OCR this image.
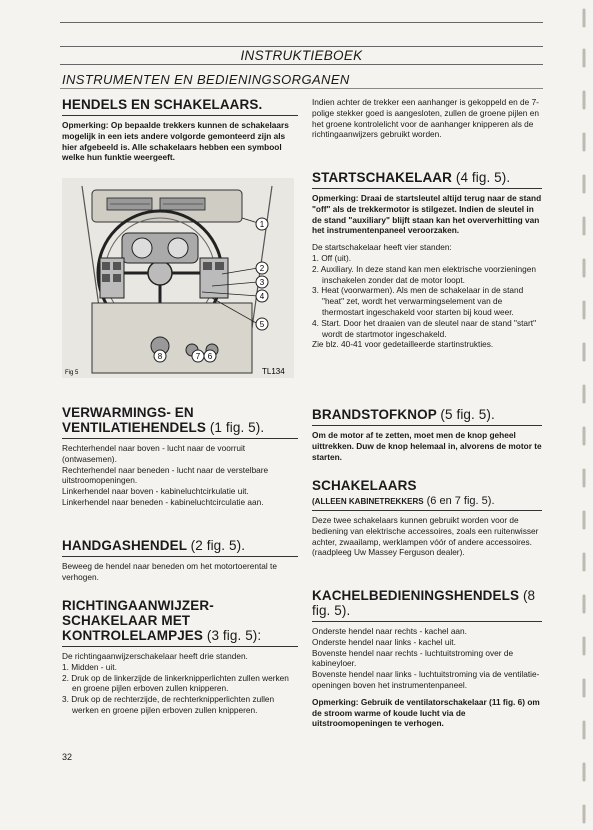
INSTRUKTIEBOEK
INSTRUMENTEN EN BEDIENINGSORGANEN
HENDELS EN SCHAKELAARS.

Opmerking: Op bepaalde trekkers kunnen de schakelaars mogelijk in een iets andere volgorde gemonteerd zijn als hier afgebeeld is. Alle schakelaars hebben een symbool welke hun funktie weergeeft.

1
2
3
4
5
6
7
8
Fig 5	TL134
VERWARMINGS- EN VENTILATIEHENDELS (1 fig. 5).

Rechterhendel naar boven - lucht naar de voorruit (ontwasemen).

Rechterhendel naar beneden - lucht naar de verstelbare uitstroomopeningen.

Linkerhendel naar boven - kabineluchtcirkulatie uit.

Linkerhendel naar beneden - kabineluchtcirculatie aan.

HANDGASHENDEL (2 fig. 5).

Beweeg de hendel naar beneden om het motortoerental te verhogen.

RICHTINGAANWIJZER-SCHAKELAAR MET KONTROLELAMPJES (3 fig. 5):

De richtingaanwijzerschakelaar heeft drie standen.

1. Midden - uit.
2. Druk op de linkerzijde de linkerknipperlichten zullen werken en groene pijlen erboven zullen knipperen.
3. Druk op de rechterzijde, de rechterknipperlichten zullen werken en groene pijlen erboven zullen knipperen.

Indien achter de trekker een aanhanger is gekoppeld en de 7-polige stekker goed is aangesloten, zullen de groene pijlen en het groene kontrolelicht voor de aanhanger knipperen als de richtingaanwijzers gebruikt worden.

STARTSCHAKELAAR (4 fig. 5).

Opmerking: Draai de startsleutel altijd terug naar de stand "off" als de trekkermotor is stilgezet. Indien de sleutel in de stand "auxiliary" blijft staan kan het oververhitting van het instrumentenpaneel veroorzaken.

De startschakelaar heeft vier standen:

1. Off (uit).
2. Auxiliary. In deze stand kan men elektrische voorzieningen inschakelen zonder dat de motor loopt.
3. Heat (voorwarmen). Als men de schakelaar in de stand "heat" zet, wordt het verwarmingselement van de thermostart ingeschakeld voor starten bij koud weer.
4. Start. Door het draaien van de sleutel naar de stand "start" wordt de startmotor ingeschakeld.

Zie blz. 40-41 voor gedetailleerde startinstrukties.

BRANDSTOFKNOP (5 fig. 5).

Om de motor af te zetten, moet men de knop geheel uittrekken. Duw de knop helemaal in, alvorens de motor te starten.

SCHAKELAARS
(ALLEEN KABINETREKKERS (6 en 7 fig. 5).

Deze twee schakelaars kunnen gebruikt worden voor de bediening van elektrische accessoires, zoals een ruitenwisser achter, zwaailamp, werklampen vóór of andere accessoires. (raadpleeg Uw Massey Ferguson dealer).

KACHELBEDIENINGSHENDELS (8 fig. 5).

Onderste hendel naar rechts - kachel aan.

Onderste hendel naar links - kachel uit.

Bovenste hendel naar rechts - luchtuitstroming over de kabineyloer.

Bovenste hendel naar links - luchtuitstroming via de ventilatie-openingen boven het instrumentenpaneel.

Opmerking: Gebruik de ventilatorschakelaar (11 fig. 6) om de stroom warme of koude lucht via de uitstroomopeningen te verhogen.

32
